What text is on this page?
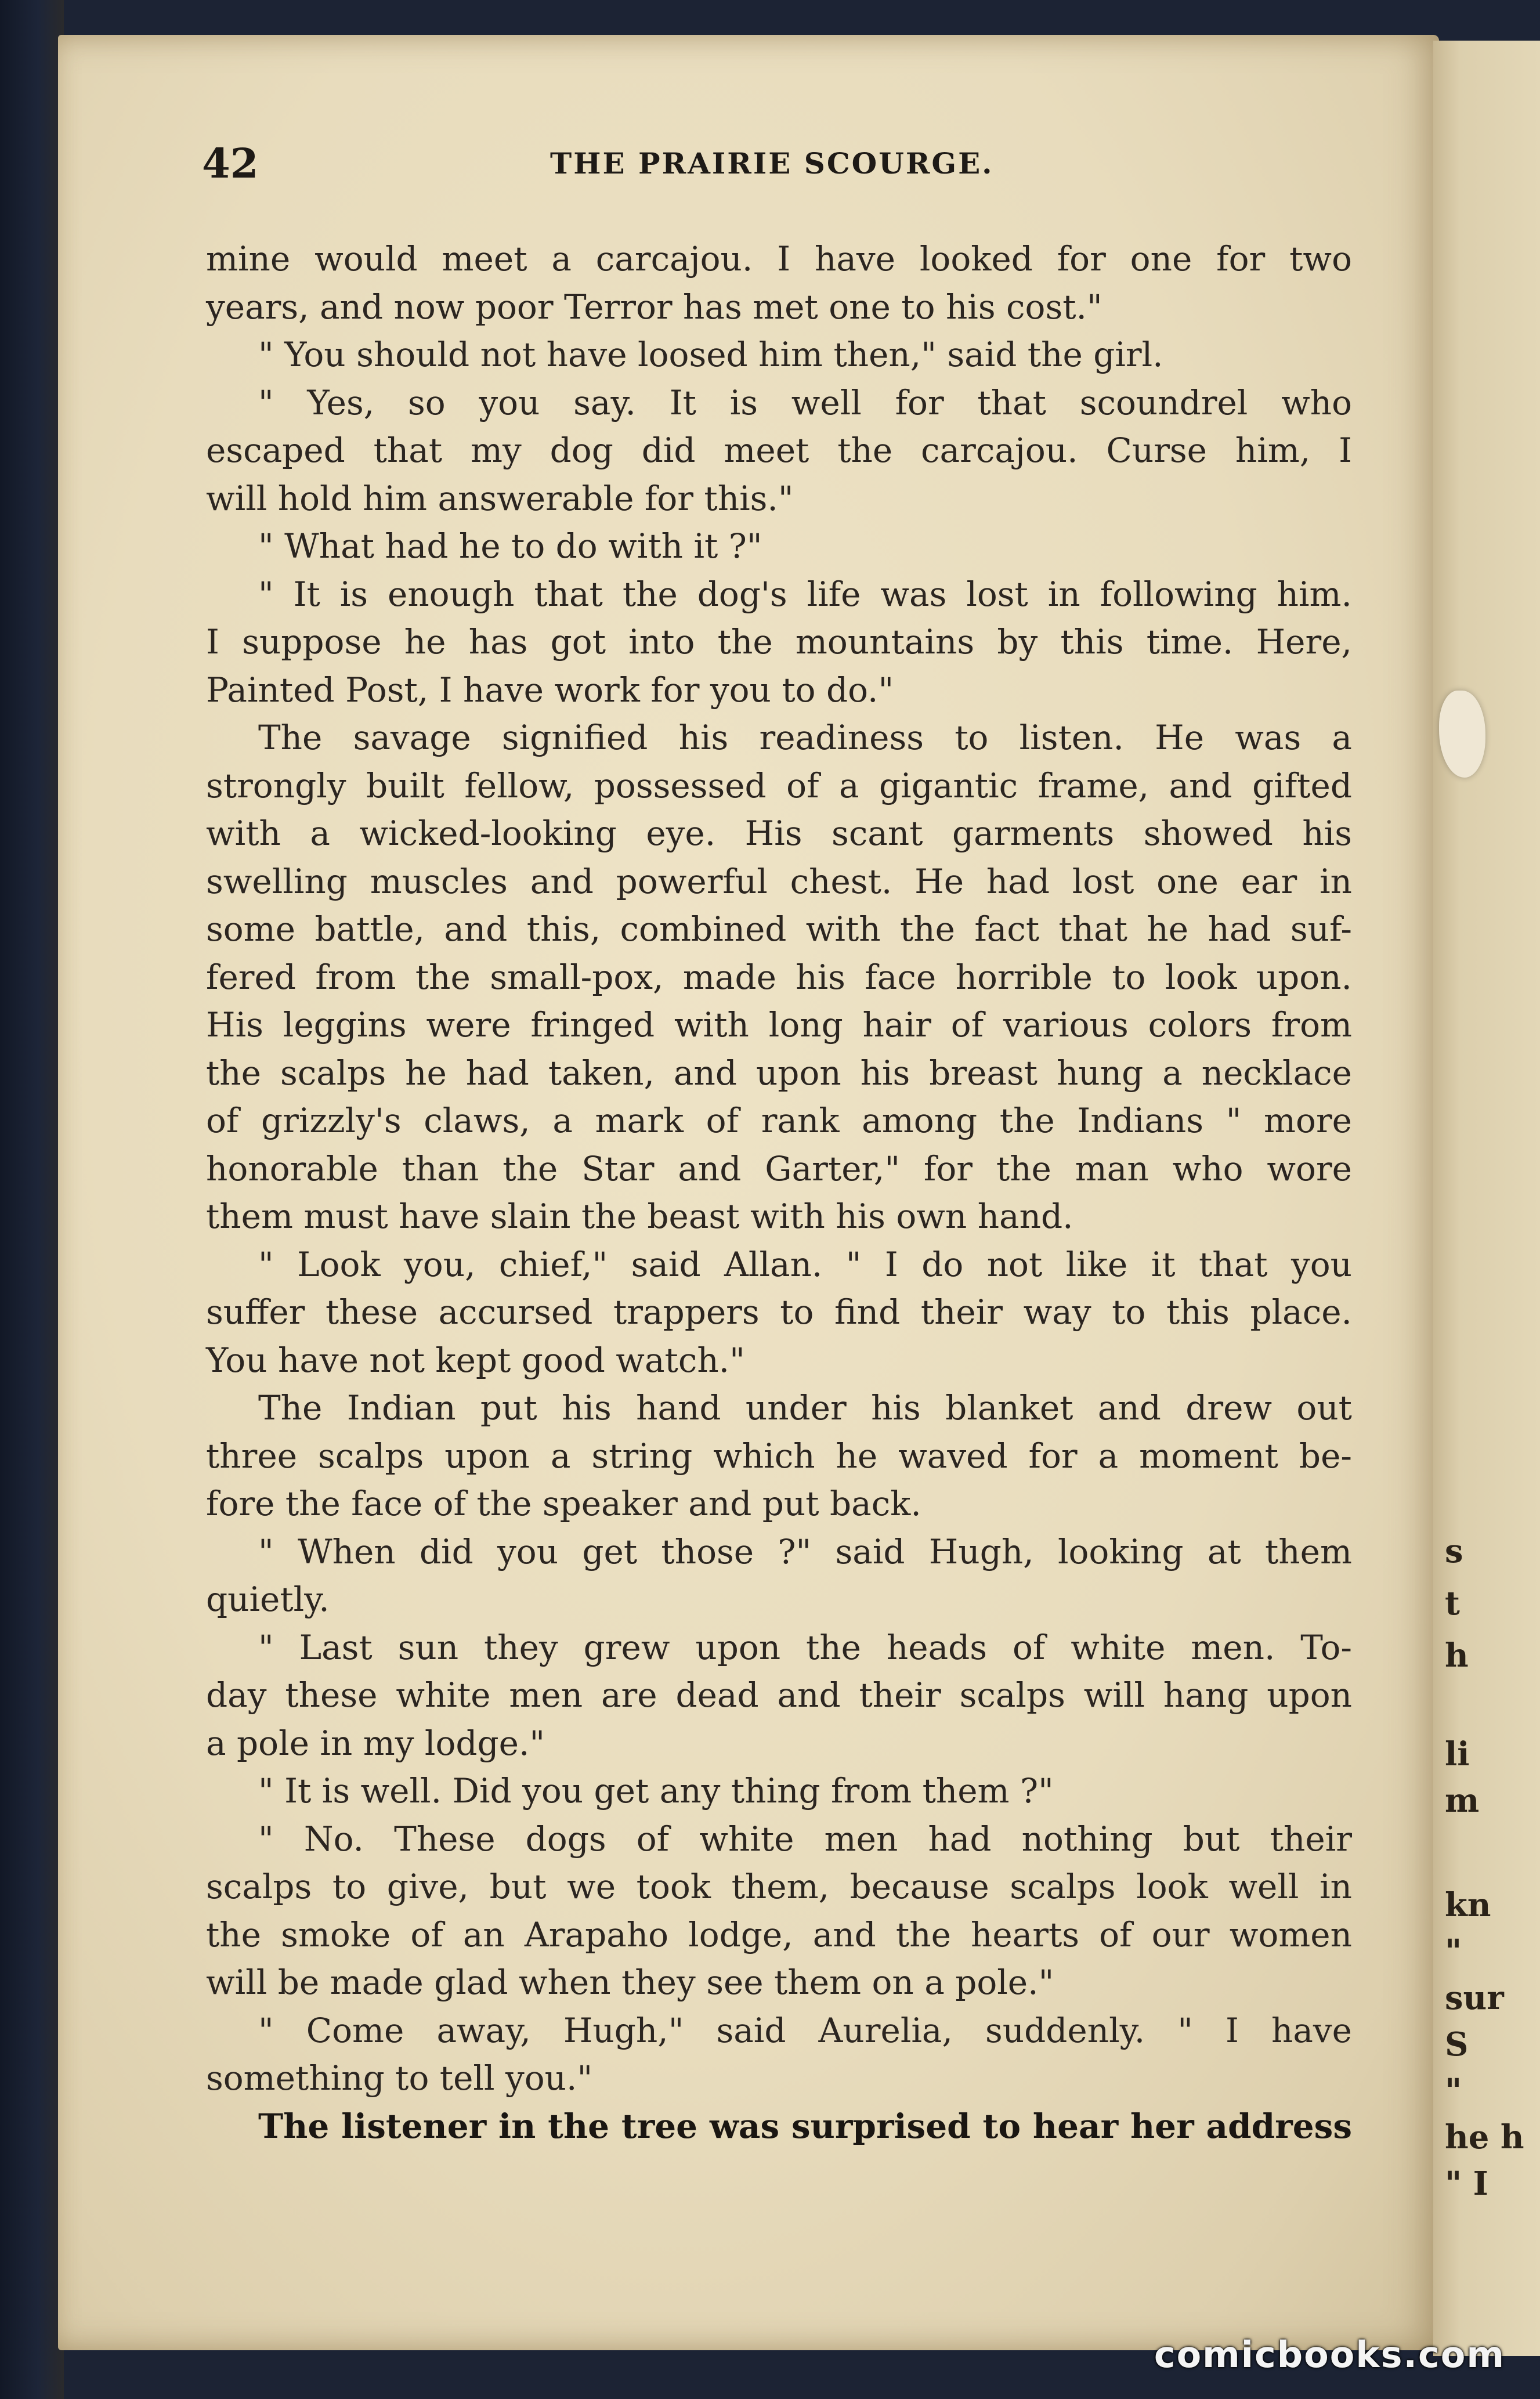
s
t
h
li
m
kn
"
sur
S
"
he h
" I
42	THE PRAIRIE SCOURGE.
mine would meet a carcajou. I have looked for one for two
years, and now poor Terror has met one to his cost."
" You should not have loosed him then," said the girl.
" Yes, so you say. It is well for that scoundrel who
escaped that my dog did meet the carcajou. Curse him, I
will hold him answerable for this."
" What had he to do with it ?"
" It is enough that the dog's life was lost in following him.
I suppose he has got into the mountains by this time. Here,
Painted Post, I have work for you to do."
The savage signified his readiness to listen. He was a
strongly built fellow, possessed of a gigantic frame, and gifted
with a wicked-looking eye. His scant garments showed his
swelling muscles and powerful chest. He had lost one ear in
some battle, and this, combined with the fact that he had suf-
fered from the small-pox, made his face horrible to look upon.
His leggins were fringed with long hair of various colors from
the scalps he had taken, and upon his breast hung a necklace
of grizzly's claws, a mark of rank among the Indians " more
honorable than the Star and Garter," for the man who wore
them must have slain the beast with his own hand.
" Look you, chief," said Allan. " I do not like it that you
suffer these accursed trappers to find their way to this place.
You have not kept good watch."
The Indian put his hand under his blanket and drew out
three scalps upon a string which he waved for a moment be-
fore the face of the speaker and put back.
" When did you get those ?" said Hugh, looking at them
quietly.
" Last sun they grew upon the heads of white men. To-
day these white men are dead and their scalps will hang upon
a pole in my lodge."
" It is well. Did you get any thing from them ?"
" No. These dogs of white men had nothing but their
scalps to give, but we took them, because scalps look well in
the smoke of an Arapaho lodge, and the hearts of our women
will be made glad when they see them on a pole."
" Come away, Hugh," said Aurelia, suddenly. " I have
something to tell you."
The listener in the tree was surprised to hear her address
comicbooks.com
